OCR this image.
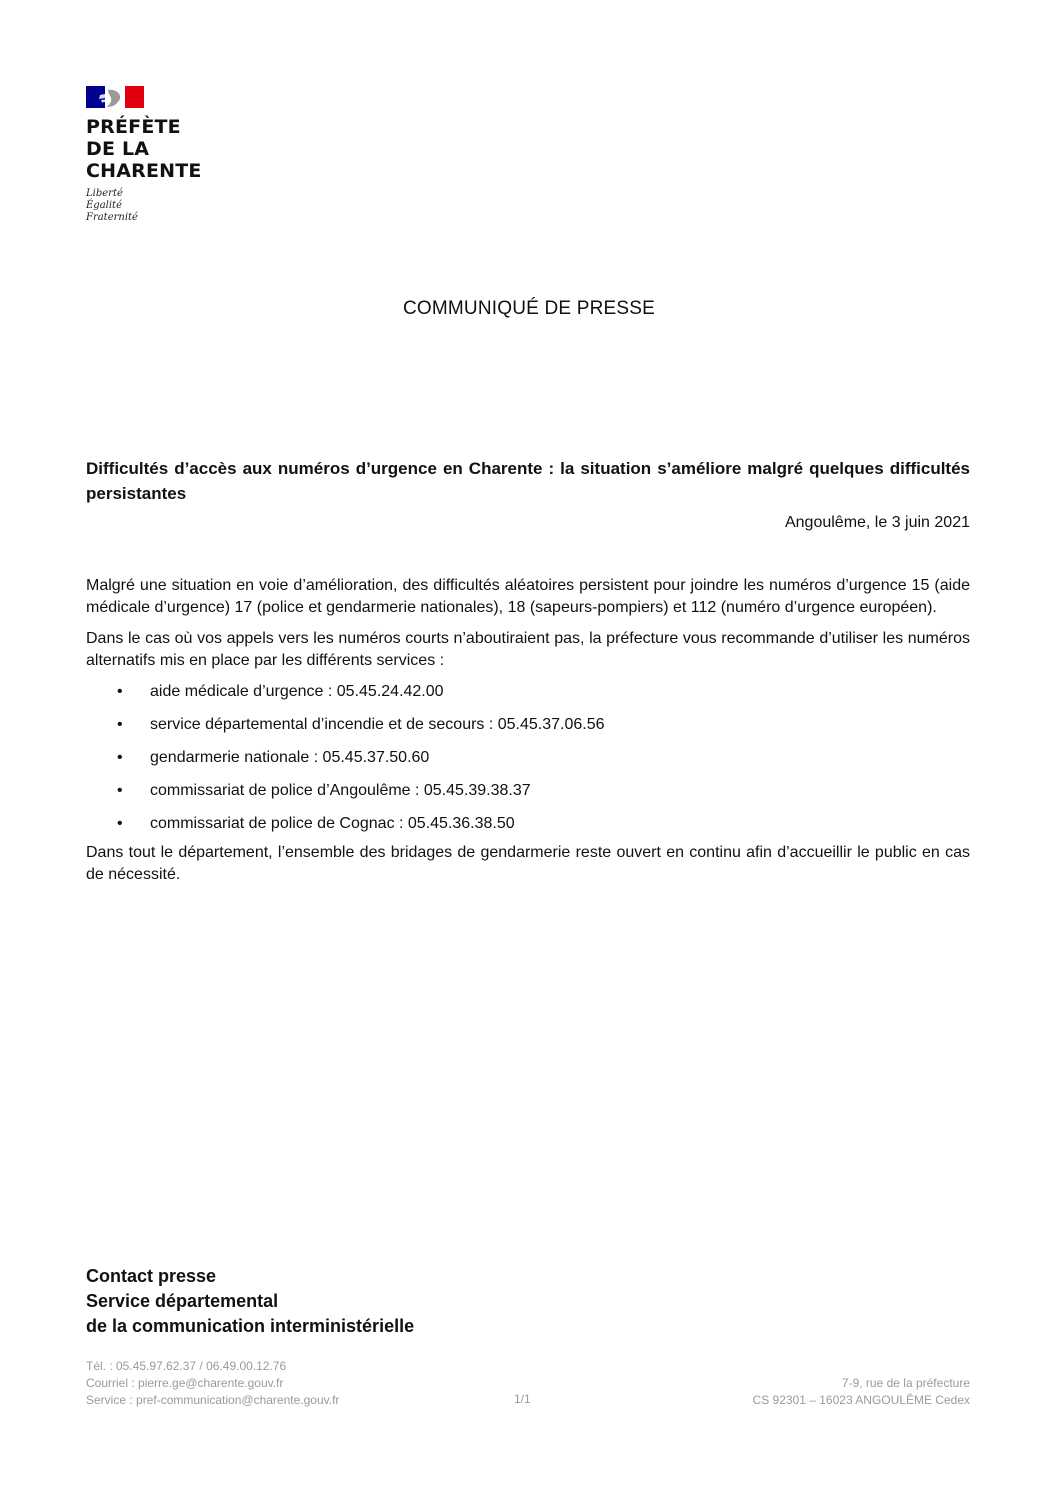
PRÉFÈTE
DE LA
CHARENTE
Liberté
Égalité
Fraternité
COMMUNIQUÉ DE PRESSE
Difficultés d’accès aux numéros d’urgence en Charente : la situation s’améliore malgré quelques difficultés persistantes
Angoulême, le 3 juin 2021

Malgré une situation en voie d’amélioration, des difficultés aléatoires persistent pour joindre les numéros d’urgence 15 (aide médicale d’urgence) 17 (police et gendarmerie nationales), 18 (sapeurs-pompiers) et 112 (numéro d’urgence européen).

Dans le cas où vos appels vers les numéros courts n’aboutiraient pas, la préfecture vous recommande d’utiliser les numéros alternatifs mis en place par les différents services :

• aide médicale d’urgence : 05.45.24.42.00
• service départemental d’incendie et de secours : 05.45.37.06.56
• gendarmerie nationale : 05.45.37.50.60
• commissariat de police d’Angoulême : 05.45.39.38.37
• commissariat de police de Cognac : 05.45.36.38.50

Dans tout le département, l’ensemble des bridages de gendarmerie reste ouvert en continu afin d’accueillir le public en cas de nécessité.

Contact presse
Service départemental
de la communication interministérielle
Tél. : 05.45.97.62.37 / 06.49.00.12.76
Courriel : pierre.ge@charente.gouv.fr
Service : pref-communication@charente.gouv.fr	1/1
7-9, rue de la préfecture
CS 92301 – 16023 ANGOULÊME Cedex
